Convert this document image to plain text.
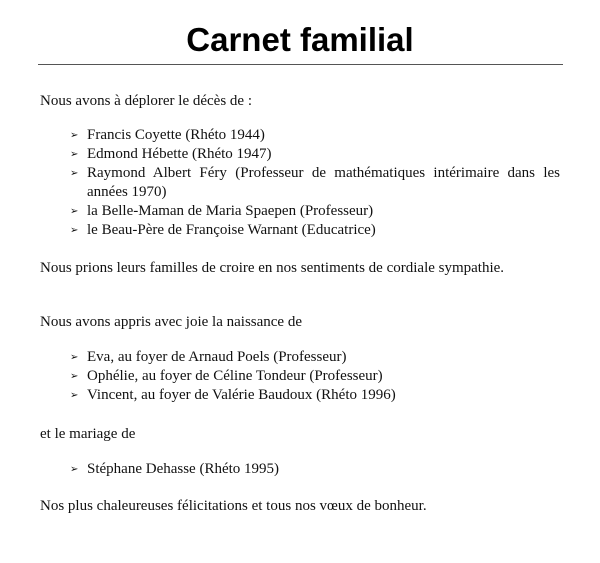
Carnet familial

Nous avons à déplorer le décès de :

➢ Francis Coyette (Rhéto 1944)
➢ Edmond Hébette (Rhéto 1947)
➢ Raymond Albert Féry (Professeur de mathématiques intérimaire dans les années 1970)
➢ la Belle-Maman de Maria Spaepen (Professeur)
➢ le Beau-Père de Françoise Warnant (Educatrice)

Nous prions leurs familles de croire en nos sentiments de cordiale sympathie.

Nous avons appris avec joie la naissance de

➢ Eva, au foyer de Arnaud Poels (Professeur)
➢ Ophélie, au foyer de Céline Tondeur (Professeur)
➢ Vincent, au foyer de Valérie Baudoux (Rhéto 1996)

et le mariage de

➢ Stéphane Dehasse (Rhéto 1995)

Nos plus chaleureuses félicitations et tous nos vœux de bonheur.
